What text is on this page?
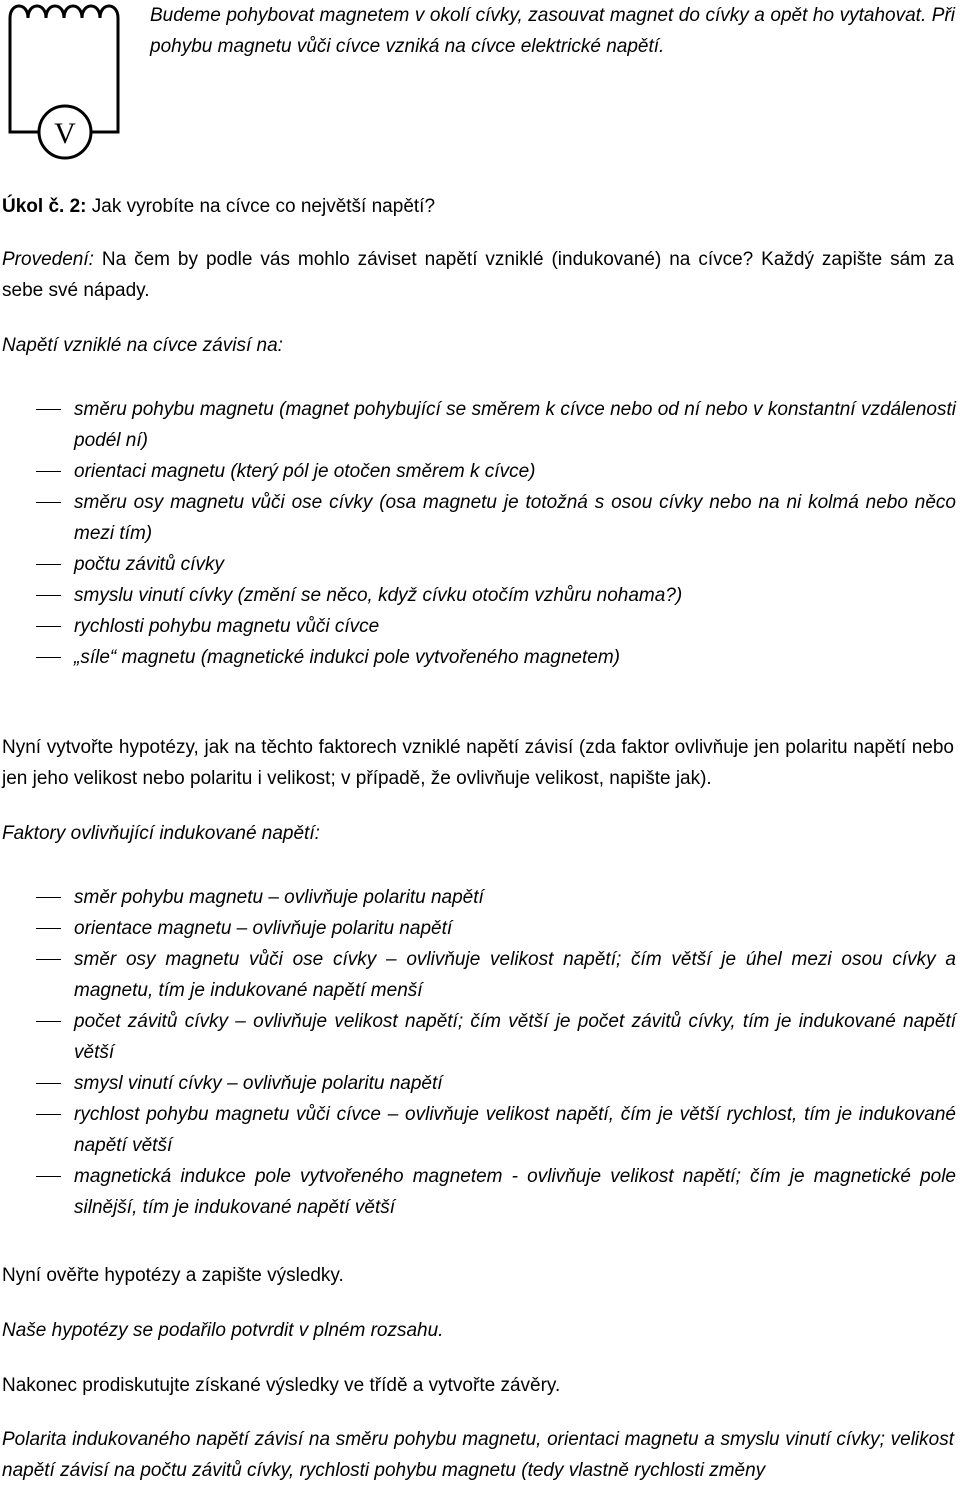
V
Budeme pohybovat magnetem v okolí cívky, zasouvat magnet do cívky a opět ho vytahovat. Při pohybu magnetu vůči cívce vzniká na cívce elektrické napětí.
Úkol č. 2: Jak vyrobíte na cívce co největší napětí?
Provedení: Na čem by podle vás mohlo záviset napětí vzniklé (indukované) na cívce? Každý zapište sám za sebe své nápady.
Napětí vzniklé na cívce závisí na:
směru pohybu magnetu (magnet pohybující se směrem k cívce nebo od ní nebo v konstantní vzdálenosti podél ní)
orientaci magnetu (který pól je otočen směrem k cívce)
směru osy magnetu vůči ose cívky (osa magnetu je totožná s osou cívky nebo na ni kolmá nebo něco mezi tím)
počtu závitů cívky
smyslu vinutí cívky (změní se něco, když cívku otočím vzhůru nohama?)
rychlosti pohybu magnetu vůči cívce
„síle“ magnetu (magnetické indukci pole vytvořeného magnetem)
Nyní vytvořte hypotézy, jak na těchto faktorech vzniklé napětí závisí (zda faktor ovlivňuje jen polaritu napětí nebo jen jeho velikost nebo polaritu i velikost; v případě, že ovlivňuje velikost, napište jak).
Faktory ovlivňující indukované napětí:
směr pohybu magnetu – ovlivňuje polaritu napětí
orientace magnetu – ovlivňuje polaritu napětí
směr osy magnetu vůči ose cívky – ovlivňuje velikost napětí; čím větší je úhel mezi osou cívky a magnetu, tím je indukované napětí menší
počet závitů cívky – ovlivňuje velikost napětí; čím větší je počet závitů cívky, tím je indukované napětí větší
smysl vinutí cívky – ovlivňuje polaritu napětí
rychlost pohybu magnetu vůči cívce – ovlivňuje velikost napětí, čím je větší rychlost, tím je indukované napětí větší
magnetická indukce pole vytvořeného magnetem - ovlivňuje velikost napětí; čím je magnetické pole silnější, tím je indukované napětí větší
Nyní ověřte hypotézy a zapište výsledky.
Naše hypotézy se podařilo potvrdit v plném rozsahu.
Nakonec prodiskutujte získané výsledky ve třídě a vytvořte závěry.
Polarita indukovaného napětí závisí na směru pohybu magnetu, orientaci magnetu a smyslu vinutí cívky; velikost napětí závisí na počtu závitů cívky, rychlosti pohybu magnetu (tedy vlastně rychlosti změny
